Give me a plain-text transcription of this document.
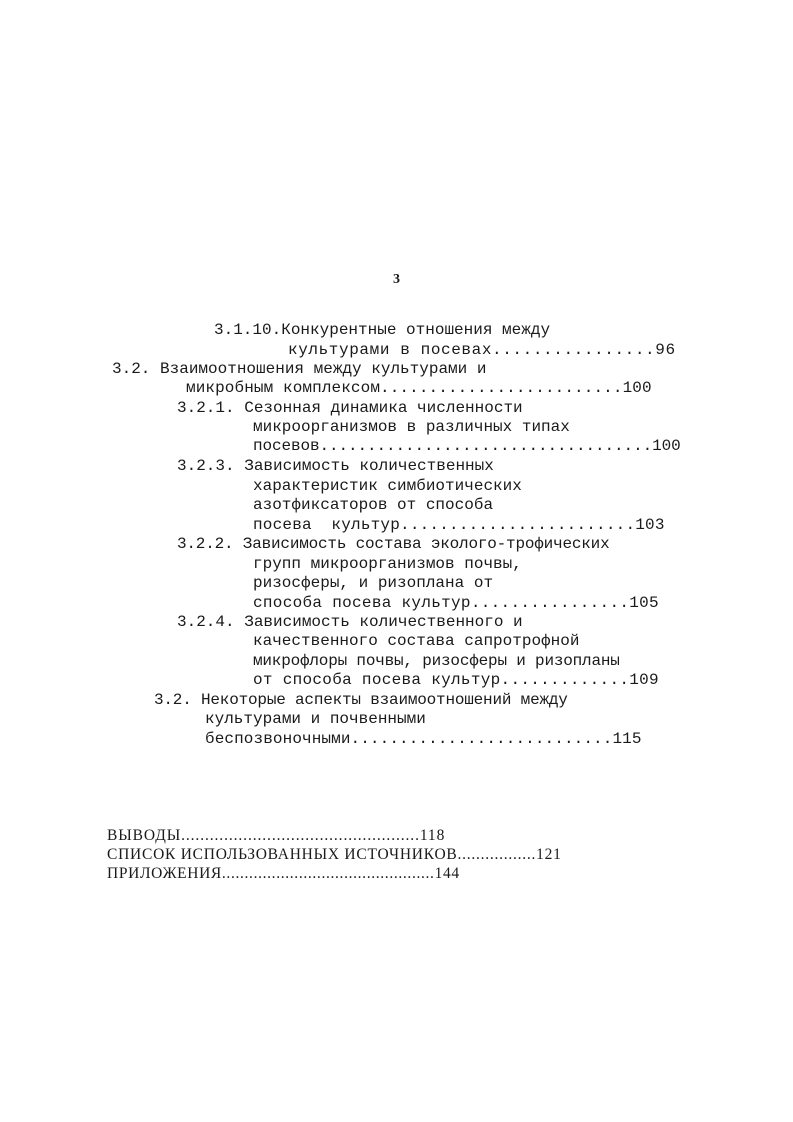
3

3.1.10.Конкурентные отношения между

культурами в посевах................96

3.2. Взаимоотношения между культурами и

микробным комплексом.........................100

3.2.1. Сезонная динамика численности

микроорганизмов в различных типах

посевов...................................100

3.2.3. Зависимость количественных

характеристик симбиотических

азотфиксаторов от способа

посева  культур........................103

3.2.2. Зависимость состава эколого-трофических

групп микроорганизмов почвы,

ризосферы, и ризоплана от

способа посева культур................105

3.2.4. Зависимость количественного и

качественного состава сапротрофной

микрофлоры почвы, ризосферы и ризопланы

от способа посева культур.............109

3.2. Некоторые аспекты взаимоотношений между

культурами и почвенными

беспозвоночными...........................115

ВЫВОДЫ..................................................118

СПИСОК ИСПОЛЬЗОВАННЫХ ИСТОЧНИКОВ.................121

ПРИЛОЖЕНИЯ...............................................144
